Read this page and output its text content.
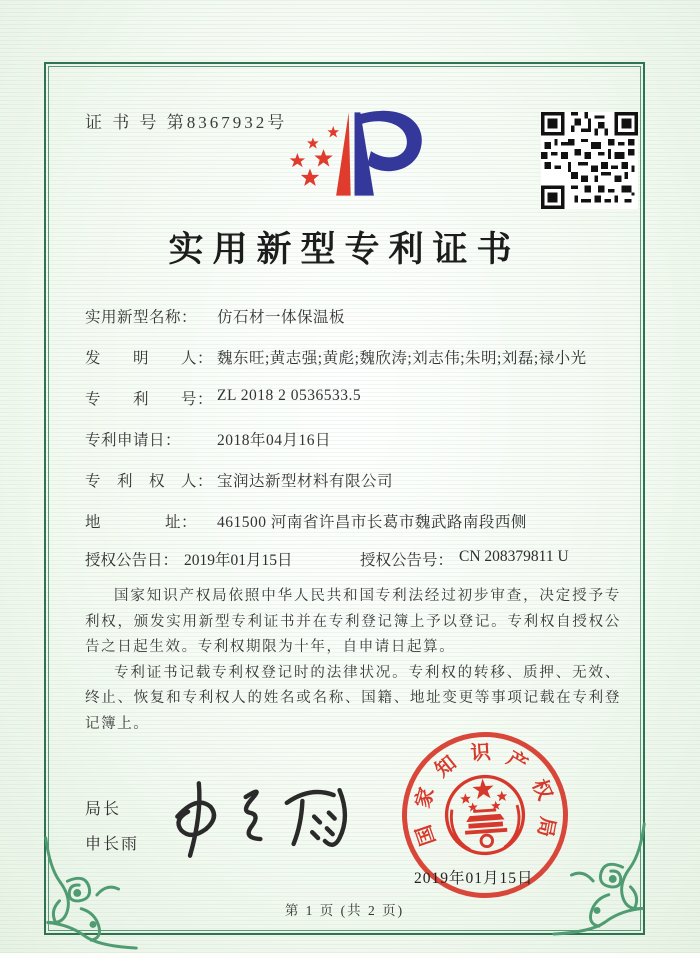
证 书 号 第8367932号
实用新型专利证书
实用新型名称：	仿石材一体保温板
发　　明　　人： 魏东旺;黄志强;黄彪;魏欣涛;刘志伟;朱明;刘磊;禄小光
专　　利　　号： ZL 2018 2 0536533.5
专利申请日：	2018年04月16日
专　利　权　人： 宝润达新型材料有限公司
地　　　　址：	461500 河南省许昌市长葛市魏武路南段西侧
授权公告日： 2019年01月15日	授权公告号： CN 208379811 U

国家知识产权局依照中华人民共和国专利法经过初步审查，决定授予专利权，颁发实用新型专利证书并在专利登记簿上予以登记。专利权自授权公告之日起生效。专利权期限为十年，自申请日起算。

专利证书记载专利权登记时的法律状况。专利权的转移、质押、无效、终止、恢复和专利权人的姓名或名称、国籍、地址变更等事项记载在专利登记簿上。

局长
申长雨	国
家
知 识 产
权
局
2019年01月15日
第 1 页 (共 2 页)
